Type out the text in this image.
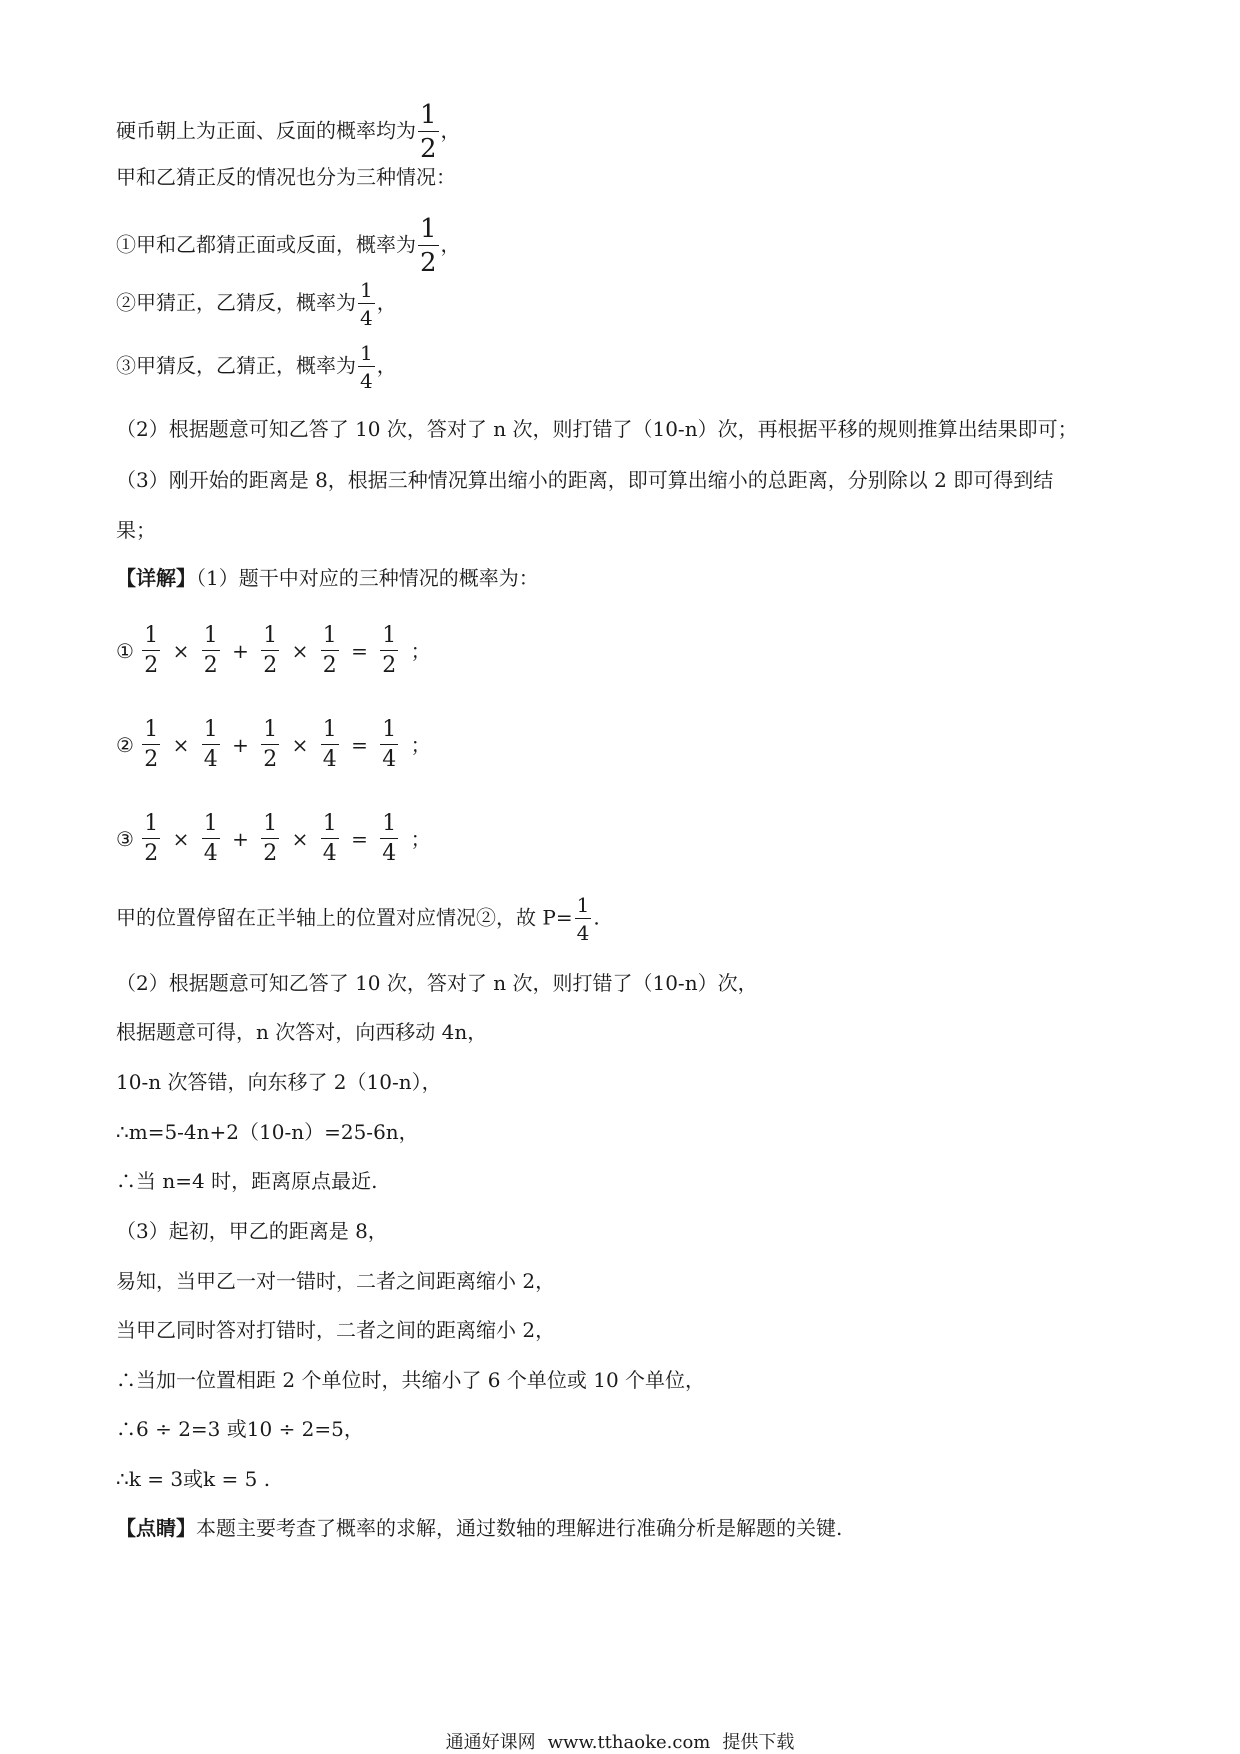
硬币朝上为正面、反面的概率均为 $\frac{1}{2}$ ，
甲和乙猜正反的情况也分为三种情况：
①甲和乙都猜正面或反面，概率为 $\frac{1}{2}$ ，
②甲猜正，乙猜反，概率为 $\frac{1}{4}$ ，
③甲猜反，乙猜正，概率为 $\frac{1}{4}$ ，
（2）根据题意可知乙答了 10 次，答对了 n 次，则打错了（10-n）次，再根据平移的规则推算出结果即可；
（3）刚开始的距离是 8，根据三种情况算出缩小的距离，即可算出缩小的总距离，分别除以 2 即可得到结
果；
【详解】（1）题干中对应的三种情况的概率为：
① $\frac{1}{2} \times \frac{1}{2} + \frac{1}{2} \times \frac{1}{2} = \frac{1}{2}$ ；
② $\frac{1}{2} \times \frac{1}{4} + \frac{1}{2} \times \frac{1}{4} = \frac{1}{4}$ ；
③ $\frac{1}{2} \times \frac{1}{4} + \frac{1}{2} \times \frac{1}{4} = \frac{1}{4}$ ；
甲的位置停留在正半轴上的位置对应情况②，故 $P= \frac{1}{4}$ .
（2）根据题意可知乙答了 10 次，答对了 n 次，则打错了（10-n）次，
根据题意可得，n 次答对，向西移动 4n，
10-n 次答错，向东移了 2（10-n），
∴m=5-4n+2（10-n）=25-6n，
∴当 n=4 时，距离原点最近.
（3）起初，甲乙的距离是 8，
易知，当甲乙一对一错时，二者之间距离缩小 2，
当甲乙同时答对打错时，二者之间的距离缩小 2，
∴当加一位置相距 2 个单位时，共缩小了 6 个单位或 10 个单位，
∴6 ÷ 2=3 或10 ÷ 2=5，
∴k = 3或k = 5 .
【点睛】本题主要考查了概率的求解，通过数轴的理解进行准确分析是解题的关键.
通通好课网 www.tthaoke.com 提供下载
